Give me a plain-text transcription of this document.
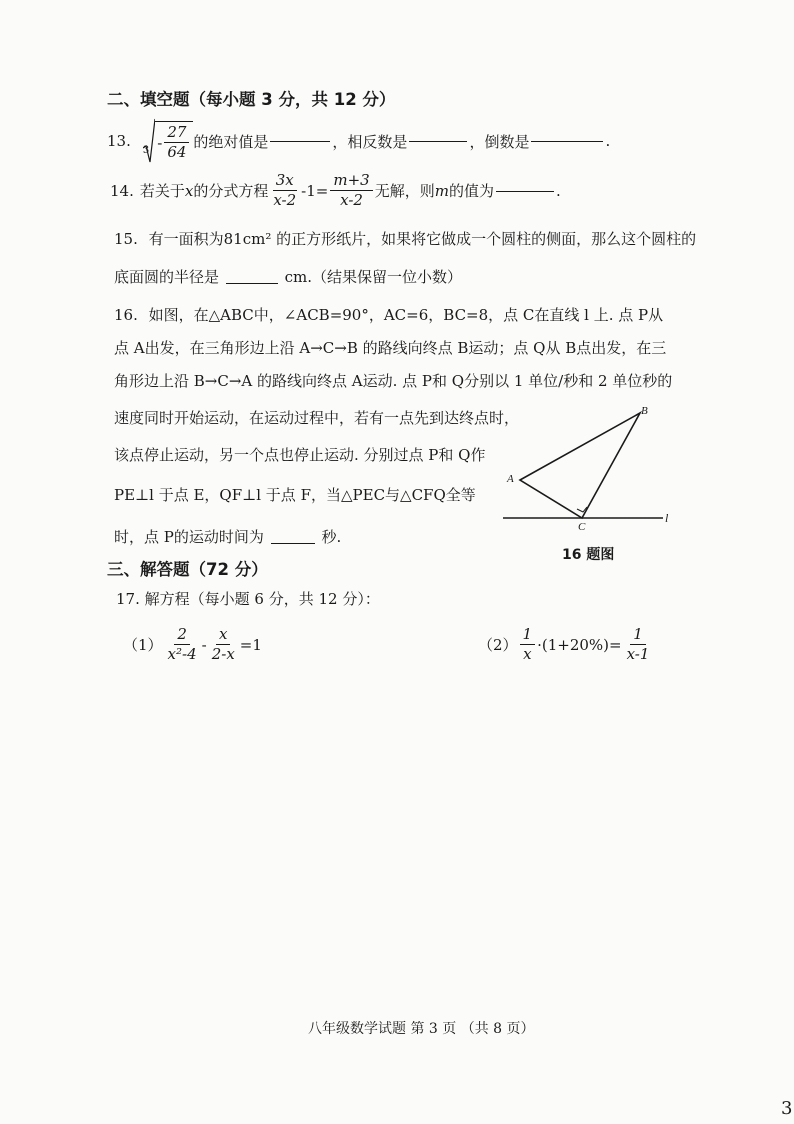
二、填空题（每小题 3 分，共 12 分）
13. $3 - \frac{27}{64}$ 的绝对值是	，相反数是	，倒数是	.
14. 若关于 x 的分式方程 $\frac{3x}{x-2} -1= \frac{m+3}{x-2}$ 无解，则 m 的值为	.
15. 有一面积为81cm² 的正方形纸片，如果将它做成一个圆柱的侧面，那么这个圆柱的
底面圆的半径是	cm.（结果保留一位小数）
16. 如图，在△ABC中，∠ACB=90°，AC=6，BC=8，点 C在直线 l 上. 点 P从
点 A出发，在三角形边上沿 A→C→B 的路线向终点 B运动；点 Q从 B点出发，在三
角形边上沿 B→C→A 的路线向终点 A运动. 点 P和 Q分别以 1 单位/秒和 2 单位秒的
速度同时开始运动，在运动过程中，若有一点先到达终点时，
该点停止运动，另一个点也停止运动. 分别过点 P和 Q作
PE⊥l 于点 E，QF⊥l 于点 F，当△PEC与△CFQ全等
时，点 P的运动时间为	秒.
A
B
C
l
16 题图
三、解答题（72 分）
17. 解方程（每小题 6 分，共 12 分）：
$(1) \frac{2}{\text{x²-4}} - \frac{x}{2-x} =1$	$(2) \frac{1}{x} \cdot(1+20\%)= \frac{1}{x-1}$
八年级数学试题 第 3 页 （共 8 页）
3
